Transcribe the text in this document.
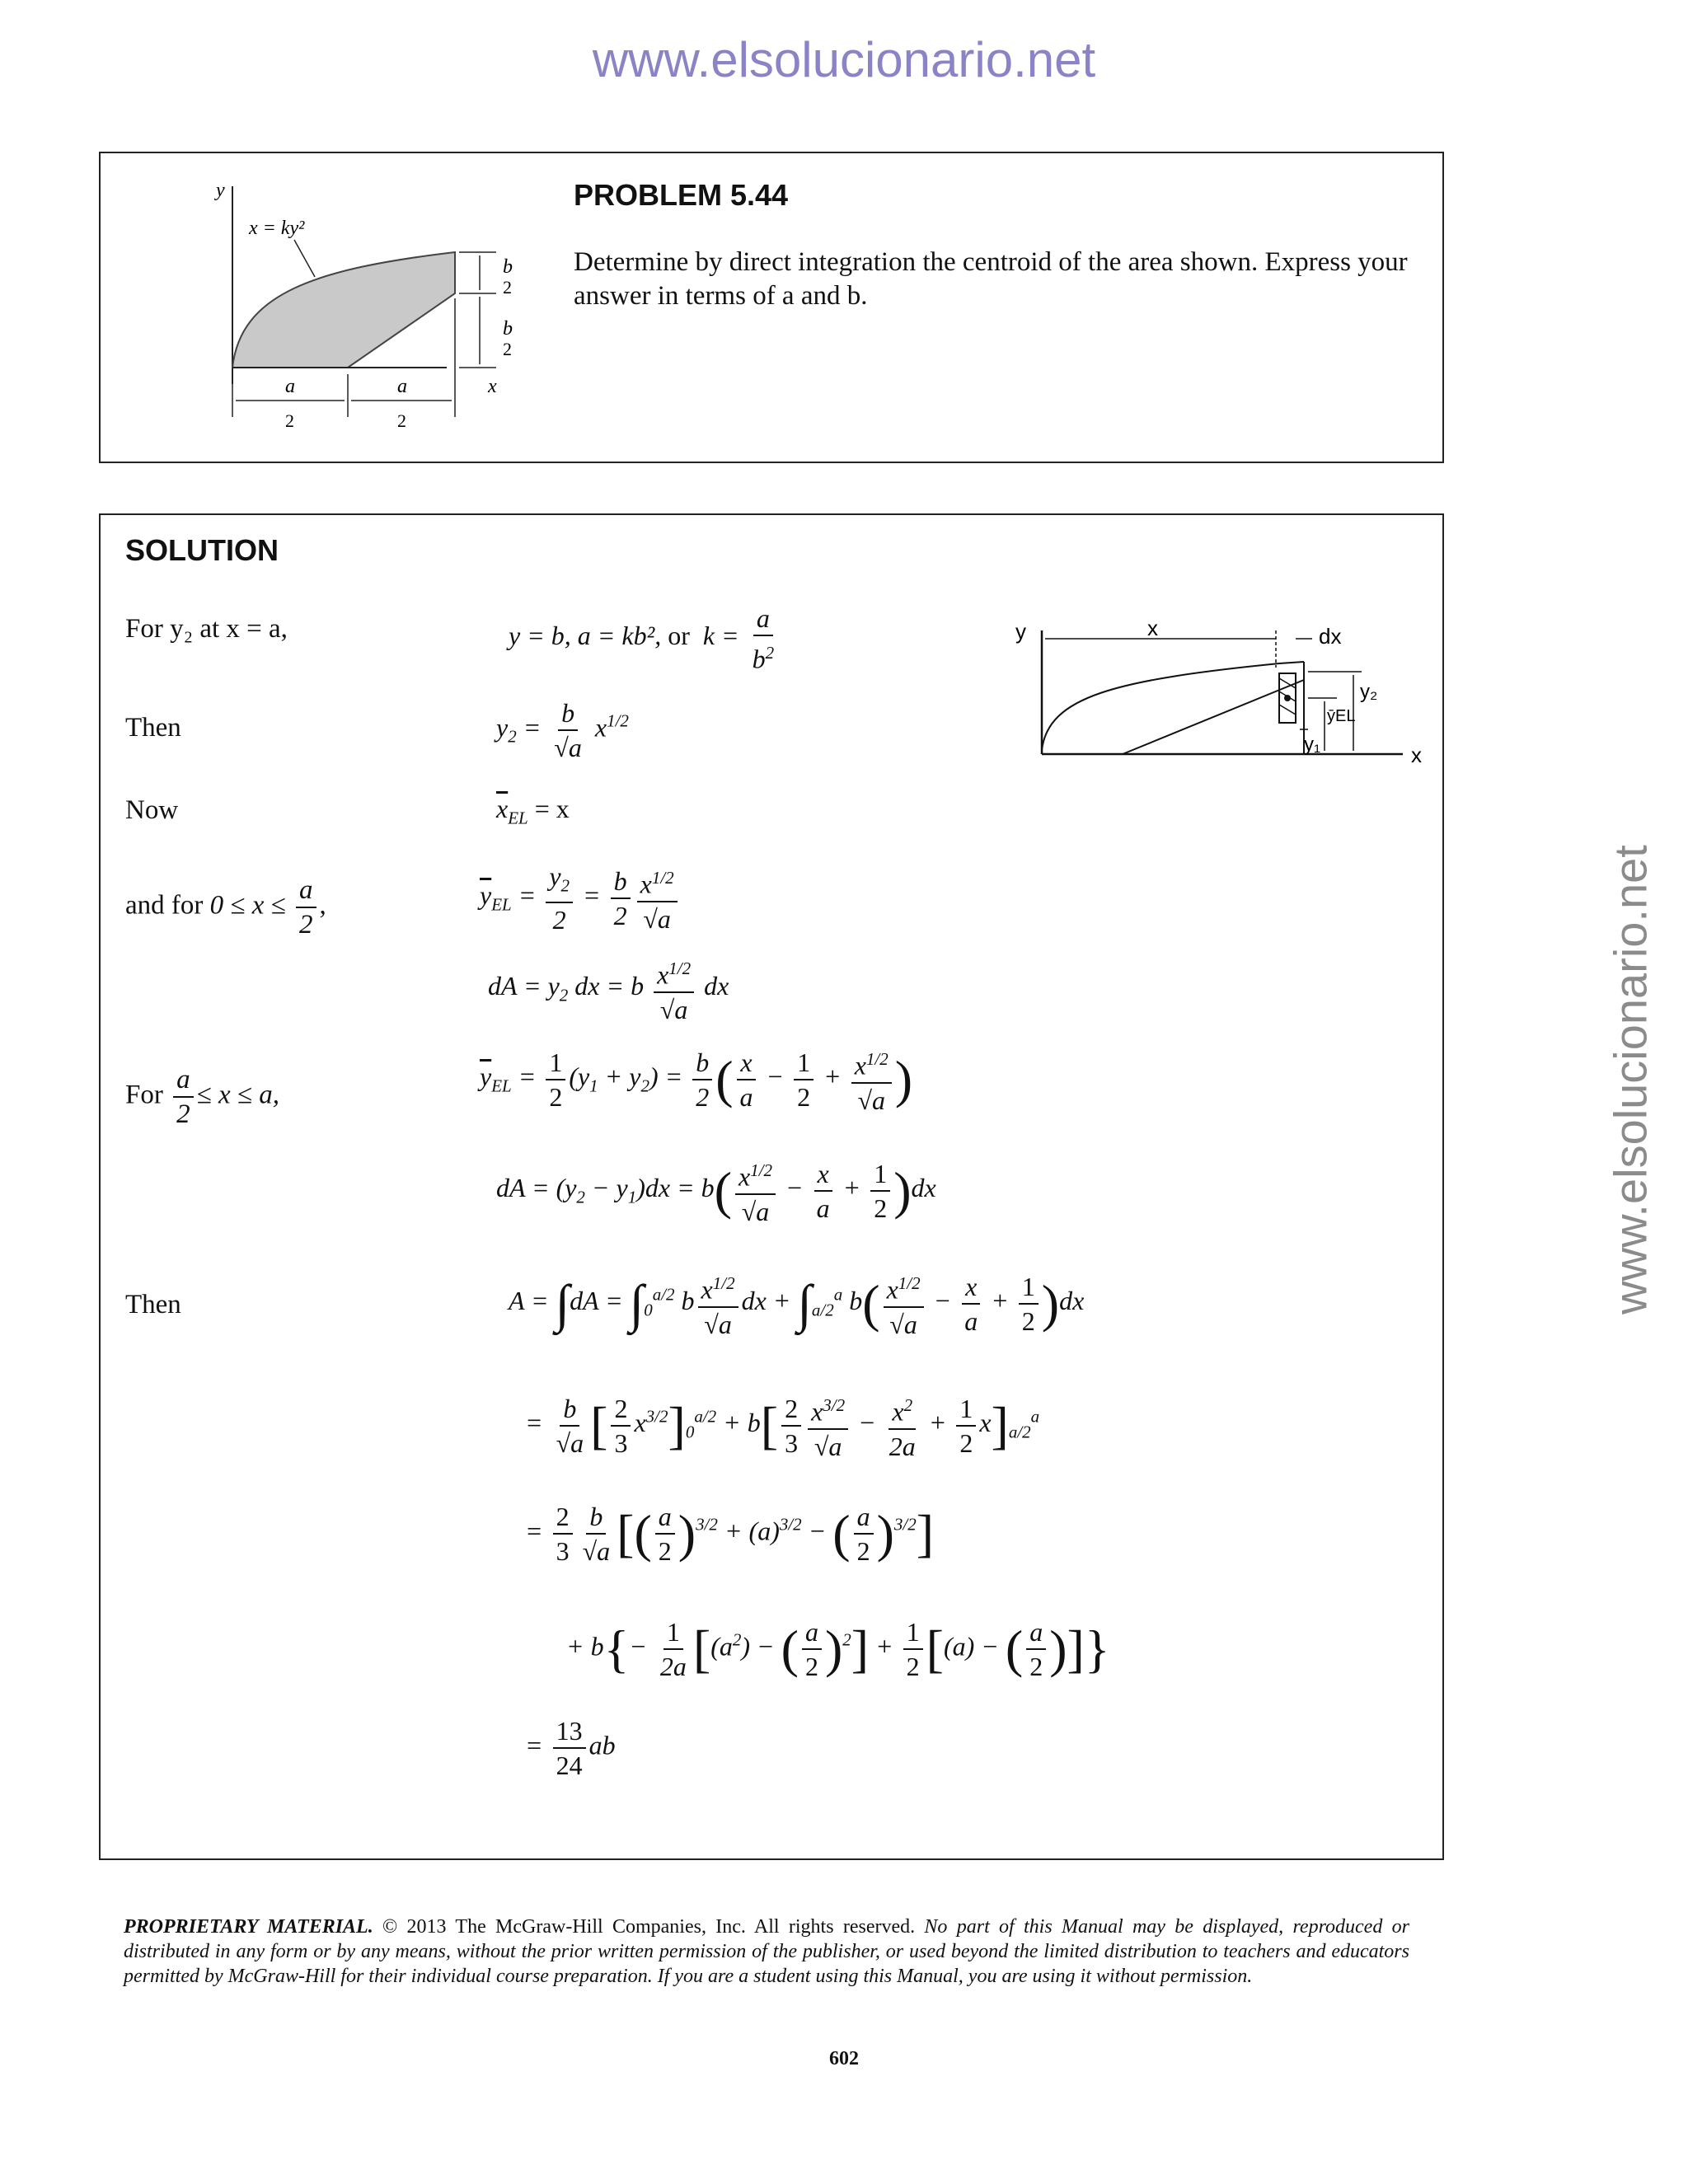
www.elsolucionario.net
www.elsolucionario.net
y
x
x = ky²
b
2
b
2
a
2
a
2
PROBLEM 5.44
Determine by direct integration the centroid of the area shown. Express your answer in terms of a and b.
SOLUTION
For y₂ at x = a,	y = b, a = kb², or  $k = \frac{a}{b^2}$
Then	$y_2 = \frac{b}{√a} x^{1/2}$
Now	$\overline{x}_{EL} = x$
and for $0 \le x \le \frac{a}{2}$ ,	$\overline{y}_{EL} = \frac{y_2}{2} = \frac{b}{2} \frac{x^{1/2}}{√a}$
dA = $y_2$ dx = b $\frac{x^{1/2}}{√a}$ dx
For $\frac{a}{2} \le x \le a$,
$\overline{y}_{EL} = \frac{1}{2} (y_1 + y_2) = \frac{b}{2}$ ( $\frac{x}{a} - \frac{1}{2} + \frac{x^{1/2}}{√a}$ )
dA = $(y_2 - y_1)dx = b( \frac{x^{1/2}}{√a} - \frac{x}{a} + \frac{1}{2} )dx$
Then	$A = \int dA = \int_0^{a/2}$ b $\frac{x^{1/2}}{√a}$ dx + $\int_{a/2}^a$ $b( \frac{x^{1/2}}{√a} - \frac{x}{a} + \frac{1}{2} )dx$
= $\frac{b}{√a}$ [ $\frac{2}{3} x^{3/2}]_0^{a/2} + b[ \frac{2}{3} \frac{x^{3/2}}{√a} - \frac{x^2}{2a} + \frac{1}{2} x]_{a/2}^a$
= $\frac{2}{3} \frac{b}{√a}$ [( $\frac{a}{2} )^{3/2} + (a)^{3/2}$ − ( $\frac{a}{2} )^{3/2}$]
+ $b\{- \frac{1}{2a} [(a^2)$ − ( $\frac{a}{2} )^2] + \frac{1}{2} [(a)$ − ( $\frac{a}{2}$ )]}
= $\frac{13}{24}$ ab
y
x
x	dx
y₂
ȳEL
y₁
PROPRIETARY MATERIAL. © 2013 The McGraw-Hill Companies, Inc. All rights reserved. No part of this Manual may be displayed, reproduced or distributed in any form or by any means, without the prior written permission of the publisher, or used beyond the limited distribution to teachers and educators permitted by McGraw-Hill for their individual course preparation. If you are a student using this Manual, you are using it without permission.
602
